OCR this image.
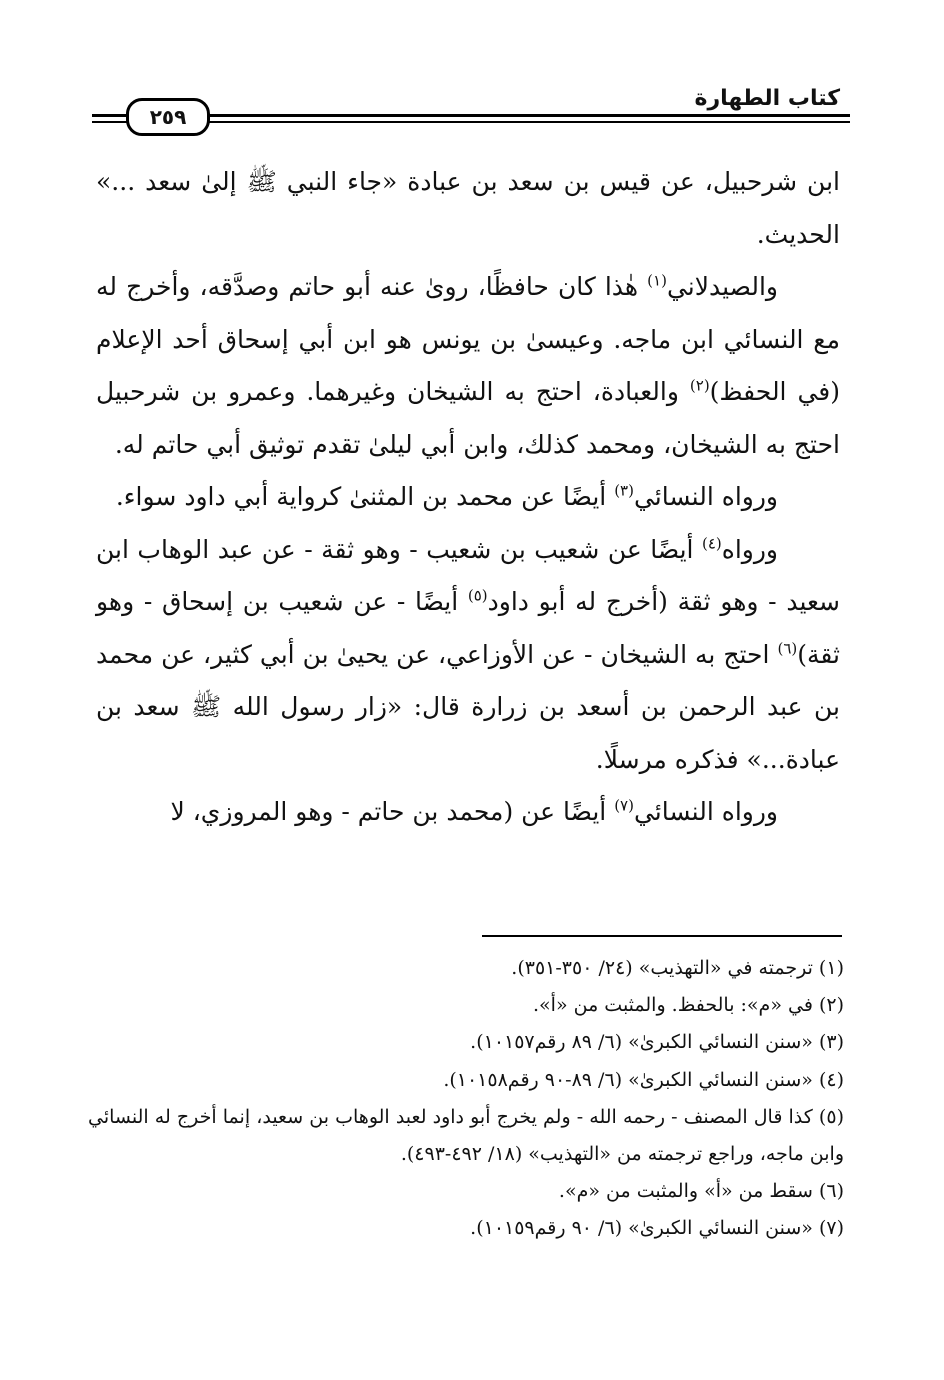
كتاب الطهارة
٢٥٩

ابن شرحبيل، عن قيس بن سعد بن عبادة «جاء النبي ﷺ إلىٰ سعد ...» الحديث.

والصيدلاني$^{(١)}$ هٰذا كان حافظًا، روىٰ عنه أبو حاتم وصدَّقه، وأخرج له مع النسائي ابن ماجه. وعيسىٰ بن يونس هو ابن أبي إسحاق أحد الإعلام (في الحفظ)$^{(٢)}$ والعبادة، احتج به الشيخان وغيرهما. وعمرو بن شرحبيل احتج به الشيخان، ومحمد كذلك، وابن أبي ليلىٰ تقدم توثيق أبي حاتم له.

ورواه النسائي$^{(٣)}$ أيضًا عن محمد بن المثنىٰ كرواية أبي داود سواء.

ورواه$^{(٤)}$ أيضًا عن شعيب بن شعيب - وهو ثقة - عن عبد الوهاب ابن سعيد - وهو ثقة (أخرج له أبو داود$^{(٥)}$ أيضًا - عن شعيب بن إسحاق - وهو ثقة)$^{(٦)}$ احتج به الشيخان - عن الأوزاعي، عن يحيىٰ بن أبي كثير، عن محمد بن عبد الرحمن بن أسعد بن زرارة قال: «زار رسول الله ﷺ سعد بن عبادة...» فذكره مرسلًا.

ورواه النسائي$^{(٧)}$ أيضًا عن (محمد بن حاتم - وهو المروزي، لا

(١) ترجمته في «التهذيب» (٢٤/ ٣٥٠-٣٥١).

(٢) في «م»: بالحفظ. والمثبت من «أ».

(٣) «سنن النسائي الكبرىٰ» (٦/ ٨٩ رقم١٠١٥٧).

(٤) «سنن النسائي الكبرىٰ» (٦/ ٨٩-٩٠ رقم١٠١٥٨).

(٥) كذا قال المصنف - رحمه الله - ولم يخرج أبو داود لعبد الوهاب بن سعيد، إنما أخرج له النسائي وابن ماجه، وراجع ترجمته من «التهذيب» (١٨/ ٤٩٢-٤٩٣).

(٦) سقط من «أ» والمثبت من «م».

(٧) «سنن النسائي الكبرىٰ» (٦/ ٩٠ رقم١٠١٥٩).
